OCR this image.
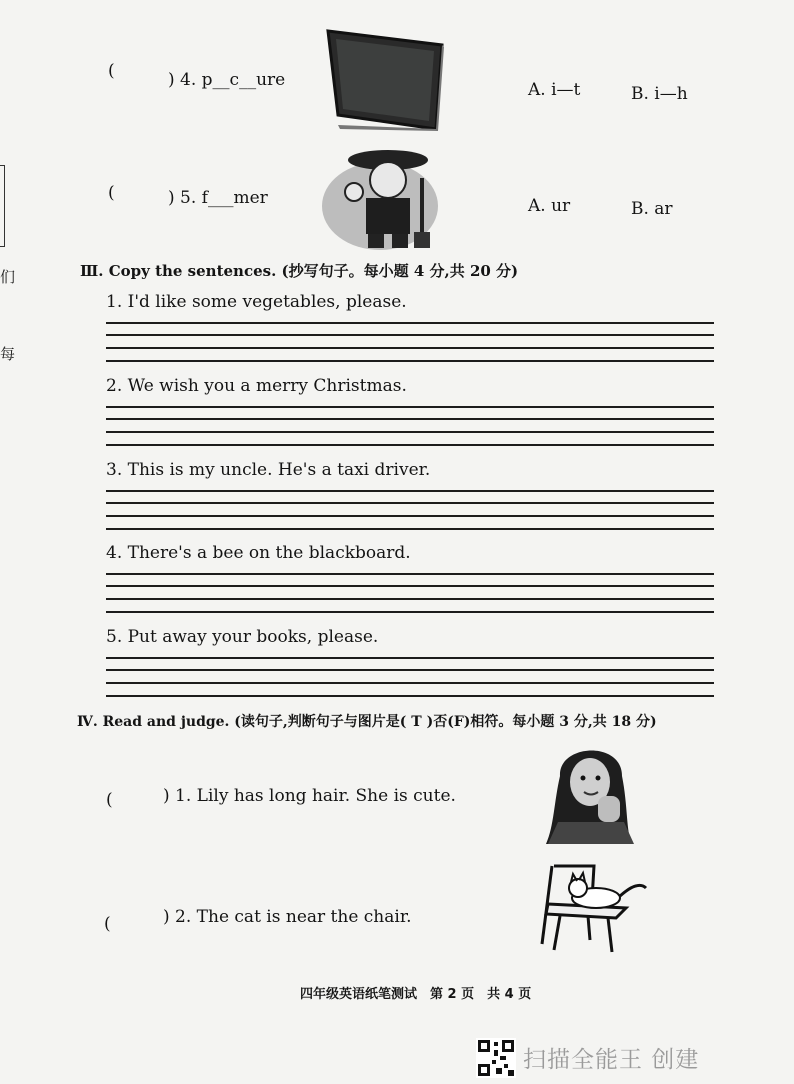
们
每
(	) 4. p__c__ure	A. i—t	B. i—h
(	) 5. f___mer	A. ur	B. ar
Ⅲ. Copy the sentences. (抄写句子。每小题 4 分,共 20 分)
1. I'd like some vegetables, please.
2. We wish you a merry Christmas.
3. This is my uncle. He's a taxi driver.
4. There's a bee on the blackboard.
5. Put away your books, please.
Ⅳ. Read and judge. (读句子,判断句子与图片是( T )否(F)相符。每小题 3 分,共 18 分)
(	) 1. Lily has long hair. She is cute.
(	) 2. The cat is near the chair.
四年级英语纸笔测试　第 2 页　共 4 页
扫描全能王 创建
